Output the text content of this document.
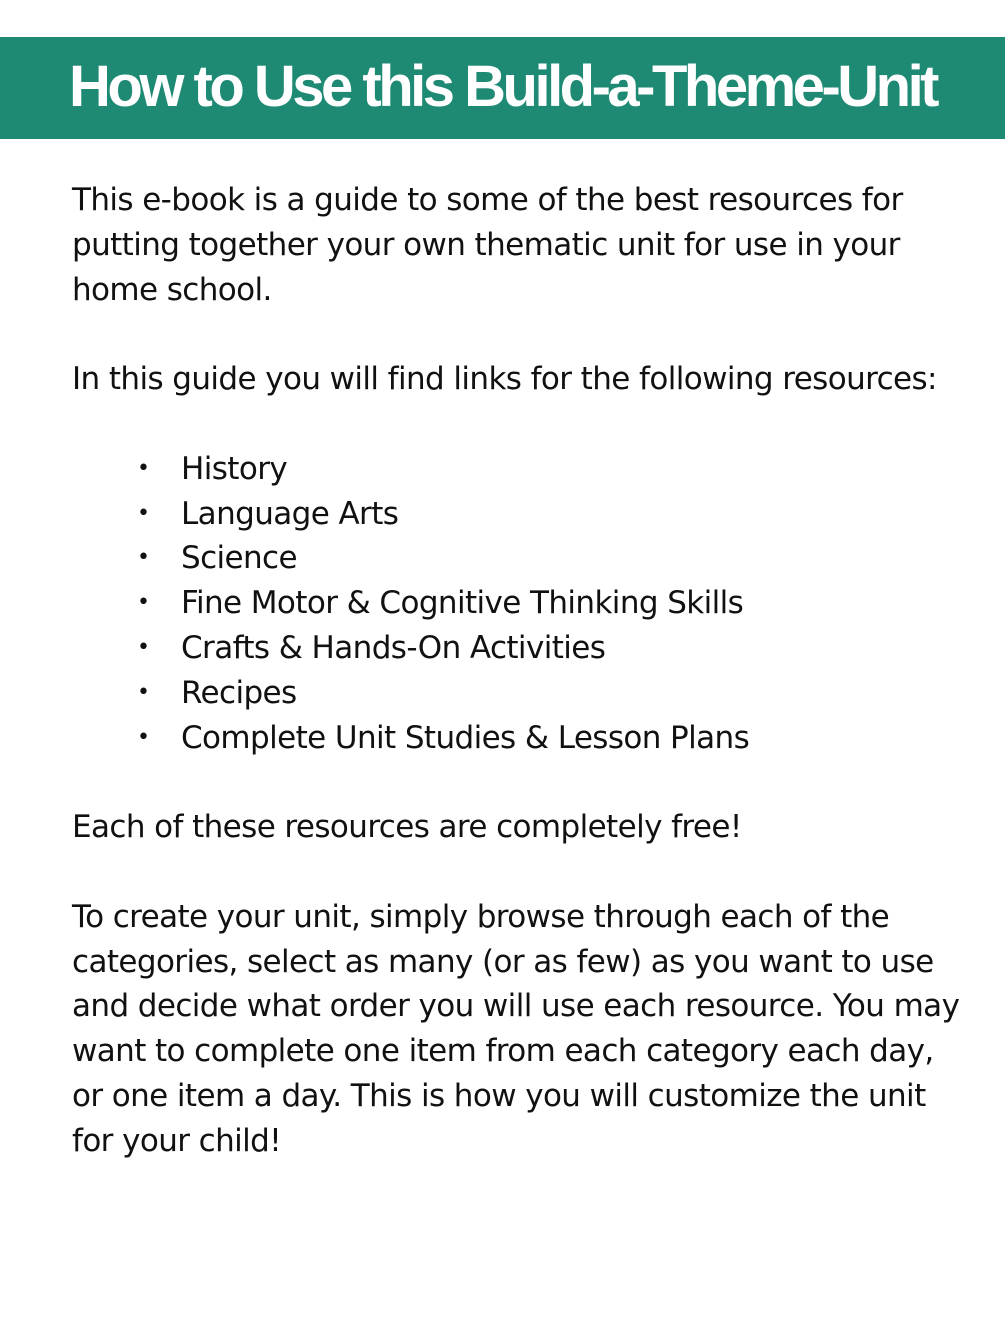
How to Use this Build-a-Theme-Unit

This e-book is a guide to some of the best resources for putting together your own thematic unit for use in your home school.

In this guide you will find links for the following resources:

• History
• Language Arts
• Science
• Fine Motor & Cognitive Thinking Skills
• Crafts & Hands-On Activities
• Recipes
• Complete Unit Studies & Lesson Plans

Each of these resources are completely free!

To create your unit, simply browse through each of the categories, select as many (or as few) as you want to use and decide what order you will use each resource. You may want to complete one item from each category each day, or one item a day. This is how you will customize the unit for your child!
